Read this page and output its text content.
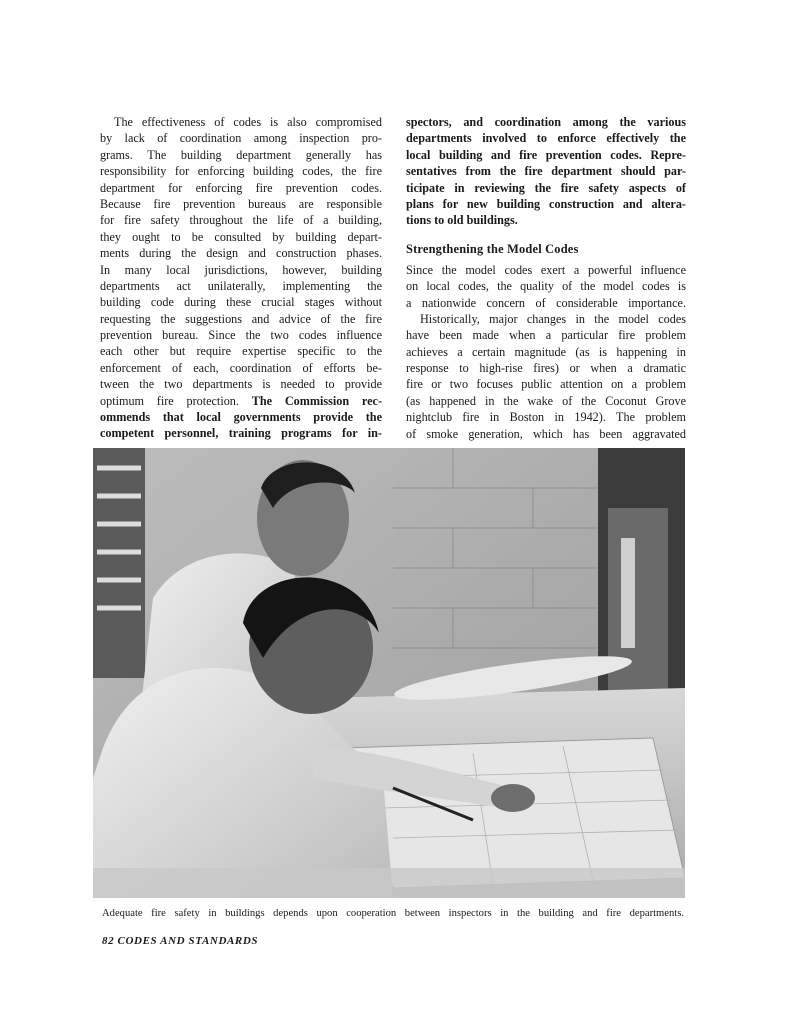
The effectiveness of codes is also compromised
by lack of coordination among inspection pro-
grams. The building department generally has
responsibility for enforcing building codes, the fire
department for enforcing fire prevention codes.
Because fire prevention bureaus are responsible
for fire safety throughout the life of a building,
they ought to be consulted by building depart-
ments during the design and construction phases.
In many local jurisdictions, however, building
departments act unilaterally, implementing the
building code during these crucial stages without
requesting the suggestions and advice of the fire
prevention bureau. Since the two codes influence
each other but require expertise specific to the
enforcement of each, coordination of efforts be-
tween the two departments is needed to provide
optimum fire protection. The Commission rec-
ommends that local governments provide the
competent personnel, training programs for in-
spectors, and coordination among the various
departments involved to enforce effectively the
local building and fire prevention codes. Repre-
sentatives from the fire department should par-
ticipate in reviewing the fire safety aspects of
plans for new building construction and altera-
tions to old buildings.
Strengthening the Model Codes
Since the model codes exert a powerful influence
on local codes, the quality of the model codes is
a nationwide concern of considerable importance.
Historically, major changes in the model codes
have been made when a particular fire problem
achieves a certain magnitude (as is happening in
response to high-rise fires) or when a dramatic
fire or two focuses public attention on a problem
(as happened in the wake of the Coconut Grove
nightclub fire in Boston in 1942). The problem
of smoke generation, which has been aggravated
Adequate fire safety in buildings depends upon cooperation between inspectors in the building and fire departments.
82 CODES AND STANDARDS
